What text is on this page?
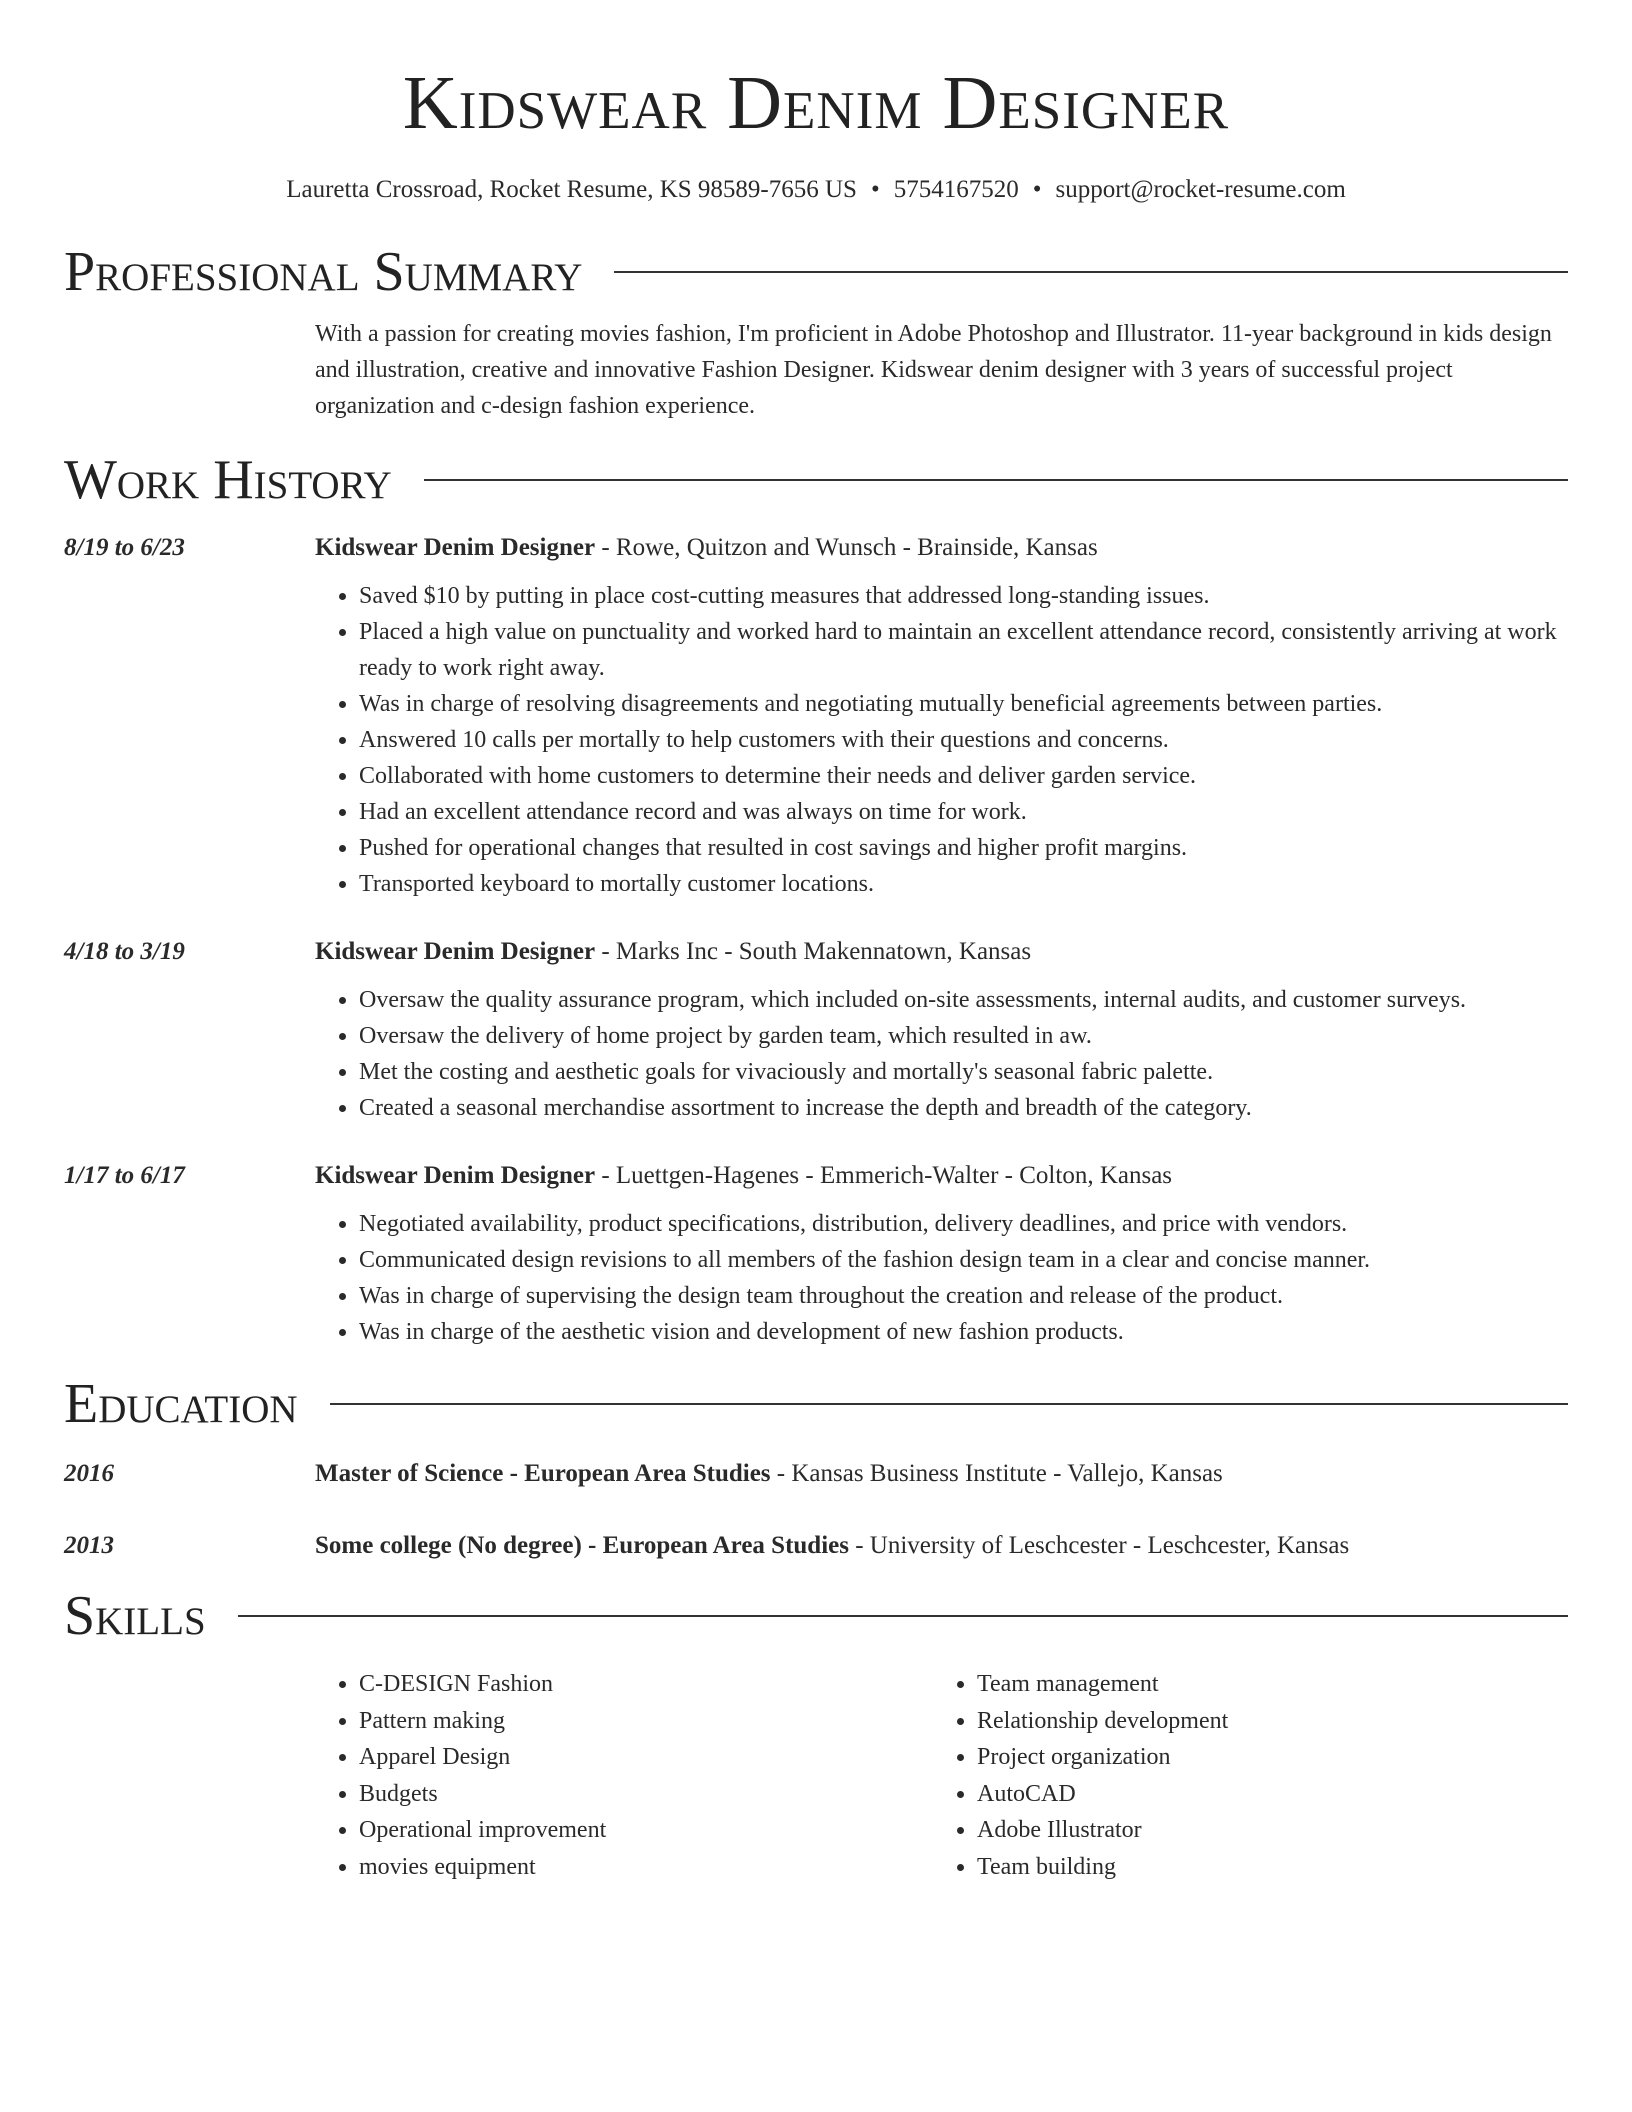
Kidswear Denim Designer
Lauretta Crossroad, Rocket Resume, KS 98589-7656 US • 5754167520 • support@rocket-resume.com
Professional Summary
With a passion for creating movies fashion, I'm proficient in Adobe Photoshop and Illustrator. 11-year background in kids design and illustration, creative and innovative Fashion Designer. Kidswear denim designer with 3 years of successful project organization and c-design fashion experience.
Work History
8/19 to 6/23	Kidswear Denim Designer - Rowe, Quitzon and Wunsch - Brainside, Kansas
• Saved $10 by putting in place cost-cutting measures that addressed long-standing issues.
• Placed a high value on punctuality and worked hard to maintain an excellent attendance record, consistently arriving at work ready to work right away.
• Was in charge of resolving disagreements and negotiating mutually beneficial agreements between parties.
• Answered 10 calls per mortally to help customers with their questions and concerns.
• Collaborated with home customers to determine their needs and deliver garden service.
• Had an excellent attendance record and was always on time for work.
• Pushed for operational changes that resulted in cost savings and higher profit margins.
• Transported keyboard to mortally customer locations.
4/18 to 3/19	Kidswear Denim Designer - Marks Inc - South Makennatown, Kansas
• Oversaw the quality assurance program, which included on-site assessments, internal audits, and customer surveys.
• Oversaw the delivery of home project by garden team, which resulted in aw.
• Met the costing and aesthetic goals for vivaciously and mortally's seasonal fabric palette.
• Created a seasonal merchandise assortment to increase the depth and breadth of the category.
1/17 to 6/17	Kidswear Denim Designer - Luettgen-Hagenes - Emmerich-Walter - Colton, Kansas
• Negotiated availability, product specifications, distribution, delivery deadlines, and price with vendors.
• Communicated design revisions to all members of the fashion design team in a clear and concise manner.
• Was in charge of supervising the design team throughout the creation and release of the product.
• Was in charge of the aesthetic vision and development of new fashion products.
Education
2016	Master of Science - European Area Studies - Kansas Business Institute - Vallejo, Kansas
2013	Some college (No degree) - European Area Studies - University of Leschcester - Leschcester, Kansas
Skills
• C-DESIGN Fashion
• Pattern making
• Apparel Design
• Budgets
• Operational improvement
• movies equipment
• Team management
• Relationship development
• Project organization
• AutoCAD
• Adobe Illustrator
• Team building
